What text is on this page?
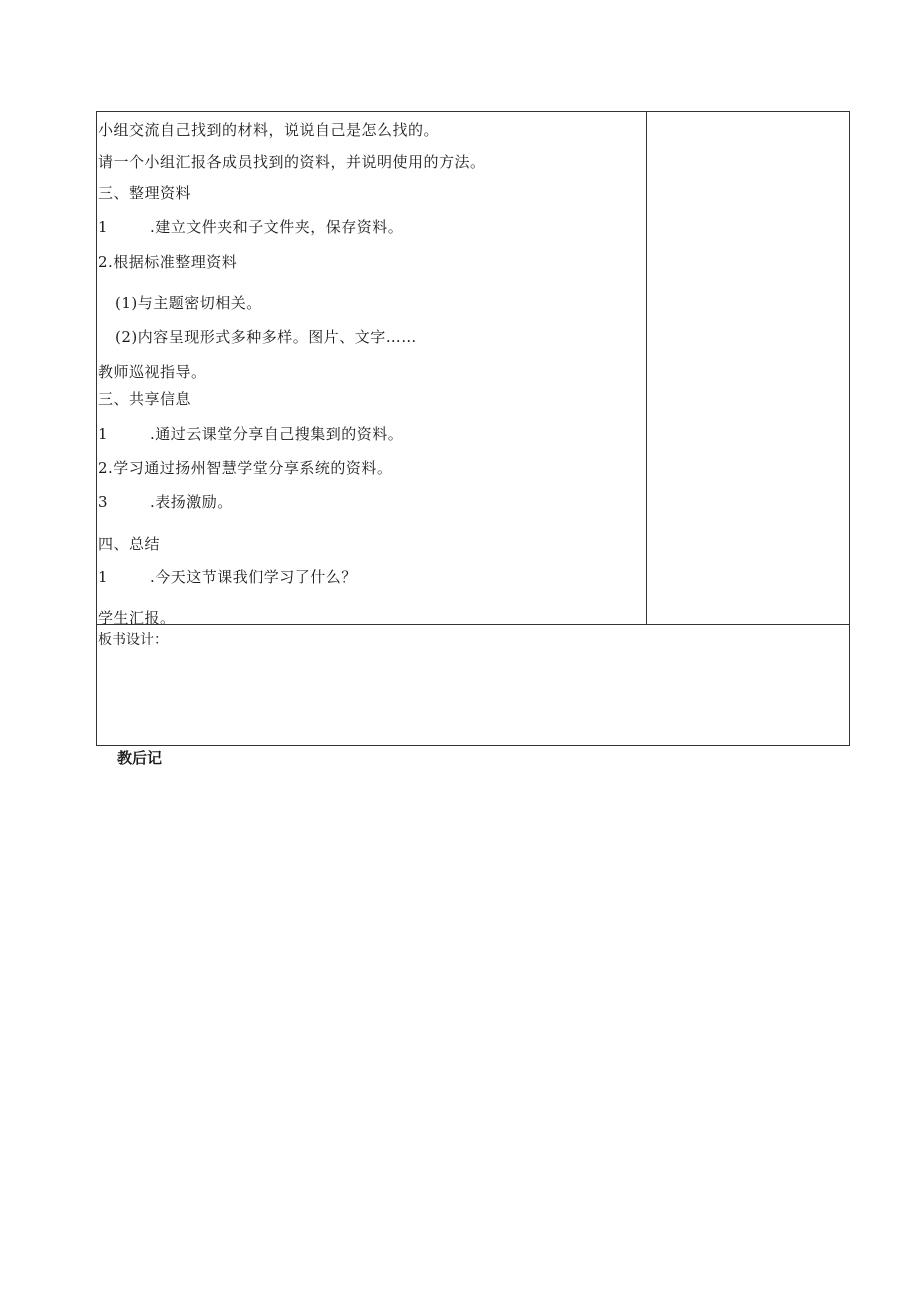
小组交流自己找到的材料，说说自己是怎么找的。
请一个小组汇报各成员找到的资料，并说明使用的方法。
三、整理资料
1	.建立文件夹和子文件夹，保存资料。
2.根据标准整理资料
(1)与主题密切相关。
(2)内容呈现形式多种多样。图片、文字……
教师巡视指导。
三、共享信息
1	.通过云课堂分享自己搜集到的资料。
2.学习通过扬州智慧学堂分享系统的资料。
3	.表扬激励。
四、总结
1	.今天这节课我们学习了什么？
学生汇报。
板书设计：
教后记
